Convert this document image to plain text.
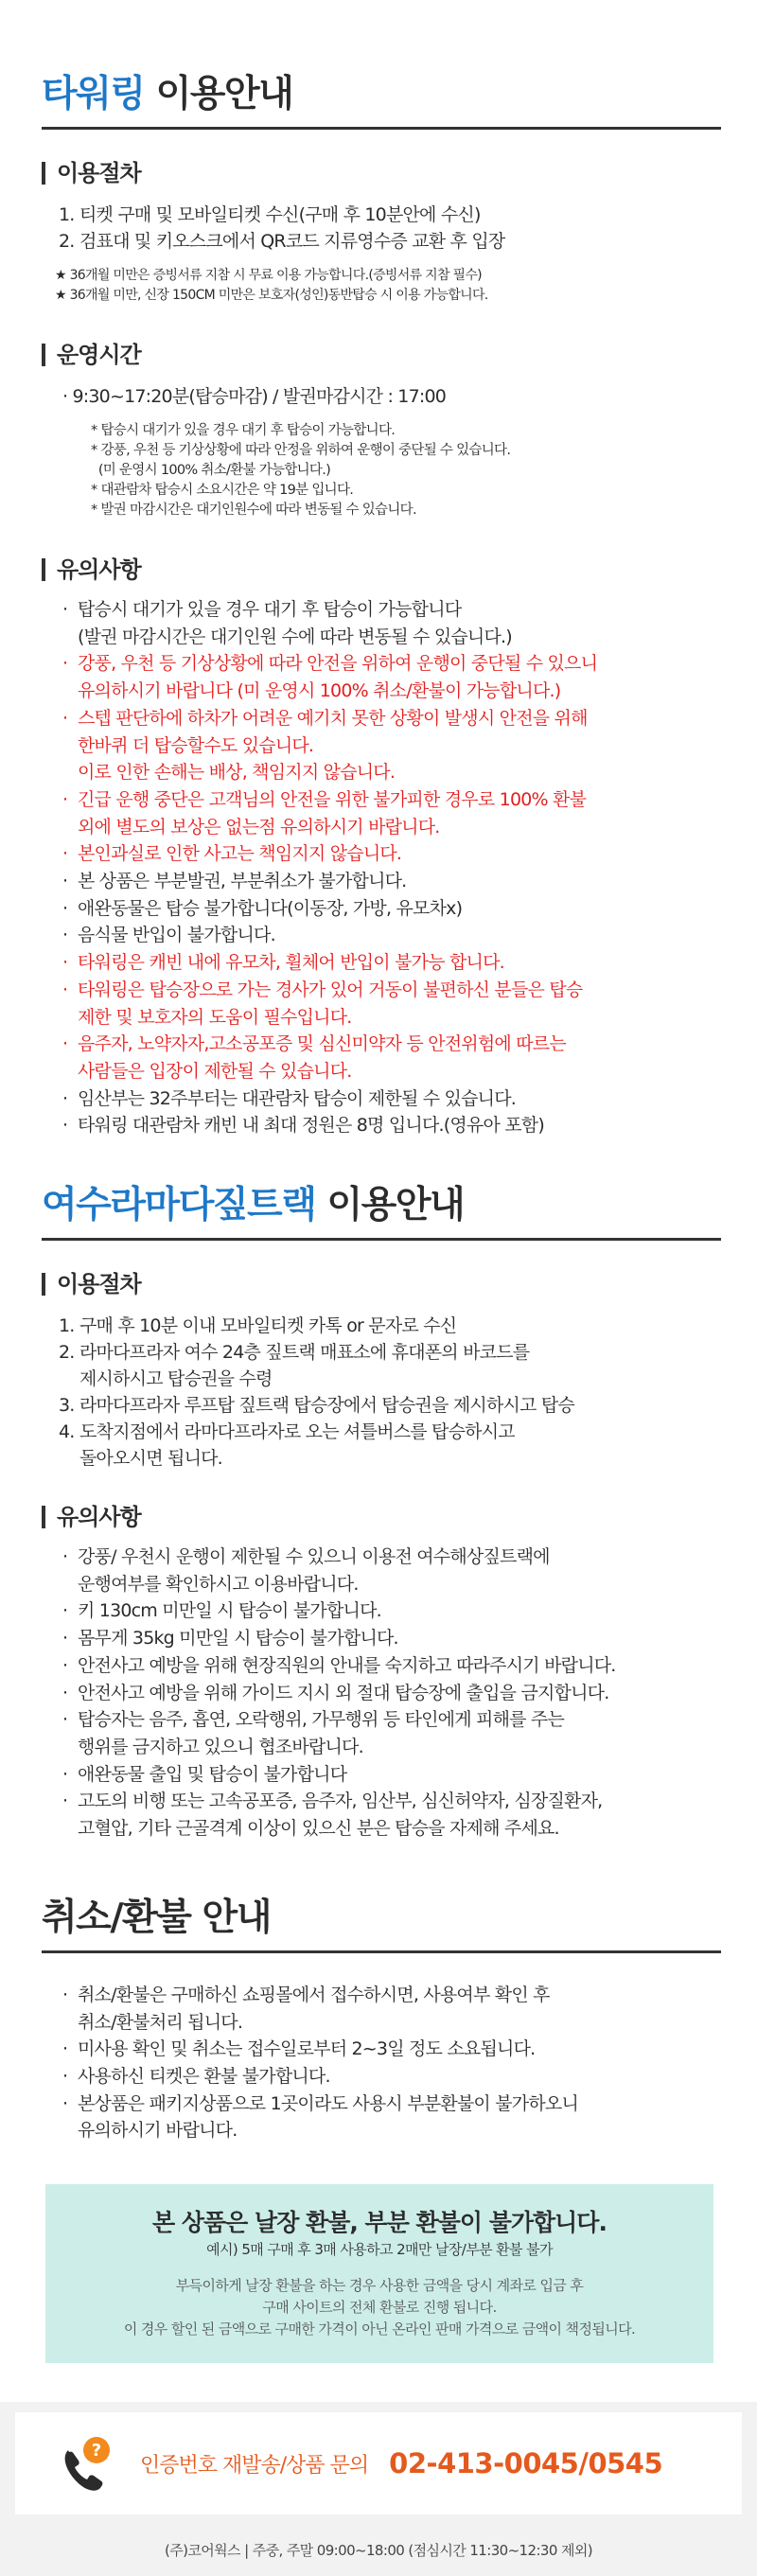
타워링 이용안내
이용절차
1. 티켓 구매 및 모바일티켓 수신(구매 후 10분안에 수신)
2. 검표대 및 키오스크에서 QR코드 지류영수증 교환 후 입장
★ 36개월 미만은 증빙서류 지참 시 무료 이용 가능합니다.(증빙서류 지참 필수)
★ 36개월 미만, 신장 150CM 미만은 보호자(성인)동반탑승 시 이용 가능합니다.
운영시간
· 9:30~17:20분(탑승마감) / 발권마감시간 : 17:00
* 탑승시 대기가 있을 경우 대기 후 탑승이 가능합니다.
* 강풍, 우천 등 기상상황에 따라 안정을 위하여 운행이 중단될 수 있습니다.
(미 운영시 100% 취소/환불 가능합니다.)
* 대관람차 탑승시 소요시간은 약 19분 입니다.
* 발권 마감시간은 대기인원수에 따라 변동될 수 있습니다.
유의사항
· 탑승시 대기가 있을 경우 대기 후 탑승이 가능합니다
(발권 마감시간은 대기인원 수에 따라 변동될 수 있습니다.)
· 강풍, 우천 등 기상상황에 따라 안전을 위하여 운행이 중단될 수 있으니
유의하시기 바랍니다 (미 운영시 100% 취소/환불이 가능합니다.)
· 스텝 판단하에 하차가 어려운 예기치 못한 상황이 발생시 안전을 위해
한바퀴 더 탑승할수도 있습니다.
이로 인한 손해는 배상, 책임지지 않습니다.
· 긴급 운행 중단은 고객님의 안전을 위한 불가피한 경우로 100% 환불
외에 별도의 보상은 없는점 유의하시기 바랍니다.
· 본인과실로 인한 사고는 책임지지 않습니다.
· 본 상품은 부분발권, 부분취소가 불가합니다.
· 애완동물은 탑승 불가합니다(이동장, 가방, 유모차x)
· 음식물 반입이 불가합니다.
· 타워링은 캐빈 내에 유모차, 휠체어 반입이 불가능 합니다.
· 타워링은 탑승장으로 가는 경사가 있어 거동이 불편하신 분들은 탑승
제한 및 보호자의 도움이 필수입니다.
· 음주자, 노약자자,고소공포증 및 심신미약자 등 안전위험에 따르는
사람들은 입장이 제한될 수 있습니다.
· 임산부는 32주부터는 대관람차 탑승이 제한될 수 있습니다.
· 타워링 대관람차 캐빈 내 최대 정원은 8명 입니다.(영유아 포함)
여수라마다짚트랙 이용안내
이용절차
1. 구매 후 10분 이내 모바일티켓 카톡 or 문자로 수신
2. 라마다프라자 여수 24층 짚트랙 매표소에 휴대폰의 바코드를
제시하시고 탑승권을 수령
3. 라마다프라자 루프탑 짚트랙 탑승장에서 탑승권을 제시하시고 탑승
4. 도착지점에서 라마다프라자로 오는 셔틀버스를 탑승하시고
돌아오시면 됩니다.
유의사항
· 강풍/ 우천시 운행이 제한될 수 있으니 이용전 여수해상짚트랙에
운행여부를 확인하시고 이용바랍니다.
· 키 130cm 미만일 시 탑승이 불가합니다.
· 몸무게 35kg 미만일 시 탑승이 불가합니다.
· 안전사고 예방을 위해 현장직원의 안내를 숙지하고 따라주시기 바랍니다.
· 안전사고 예방을 위해 가이드 지시 외 절대 탑승장에 출입을 금지합니다.
· 탑승자는 음주, 흡연, 오락행위, 가무행위 등 타인에게 피해를 주는
행위를 금지하고 있으니 협조바랍니다.
· 애완동물 출입 및 탑승이 불가합니다
· 고도의 비행 또는 고속공포증, 음주자, 임산부, 심신허약자, 심장질환자,
고혈압, 기타 근골격계 이상이 있으신 분은 탑승을 자제해 주세요.
취소/환불 안내
· 취소/환불은 구매하신 쇼핑몰에서 접수하시면, 사용여부 확인 후
취소/환불처리 됩니다.
· 미사용 확인 및 취소는 접수일로부터 2~3일 정도 소요됩니다.
· 사용하신 티켓은 환불 불가합니다.
· 본상품은 패키지상품으로 1곳이라도 사용시 부분환불이 불가하오니
유의하시기 바랍니다.
본 상품은 날장 환불, 부분 환불이 불가합니다.
예시) 5매 구매 후 3매 사용하고 2매만 날장/부분 환불 불가
부득이하게 날장 환불을 하는 경우 사용한 금액을 당시 계좌로 입금 후
구매 사이트의 전체 환불로 진행 됩니다.
이 경우 할인 된 금액으로 구매한 가격이 아닌 온라인 판매 가격으로 금액이 책정됩니다.
?
인증번호 재발송/상품 문의 02-413-0045/0545
(주)코어웍스 | 주중, 주말 09:00~18:00 (점심시간 11:30~12:30 제외)
